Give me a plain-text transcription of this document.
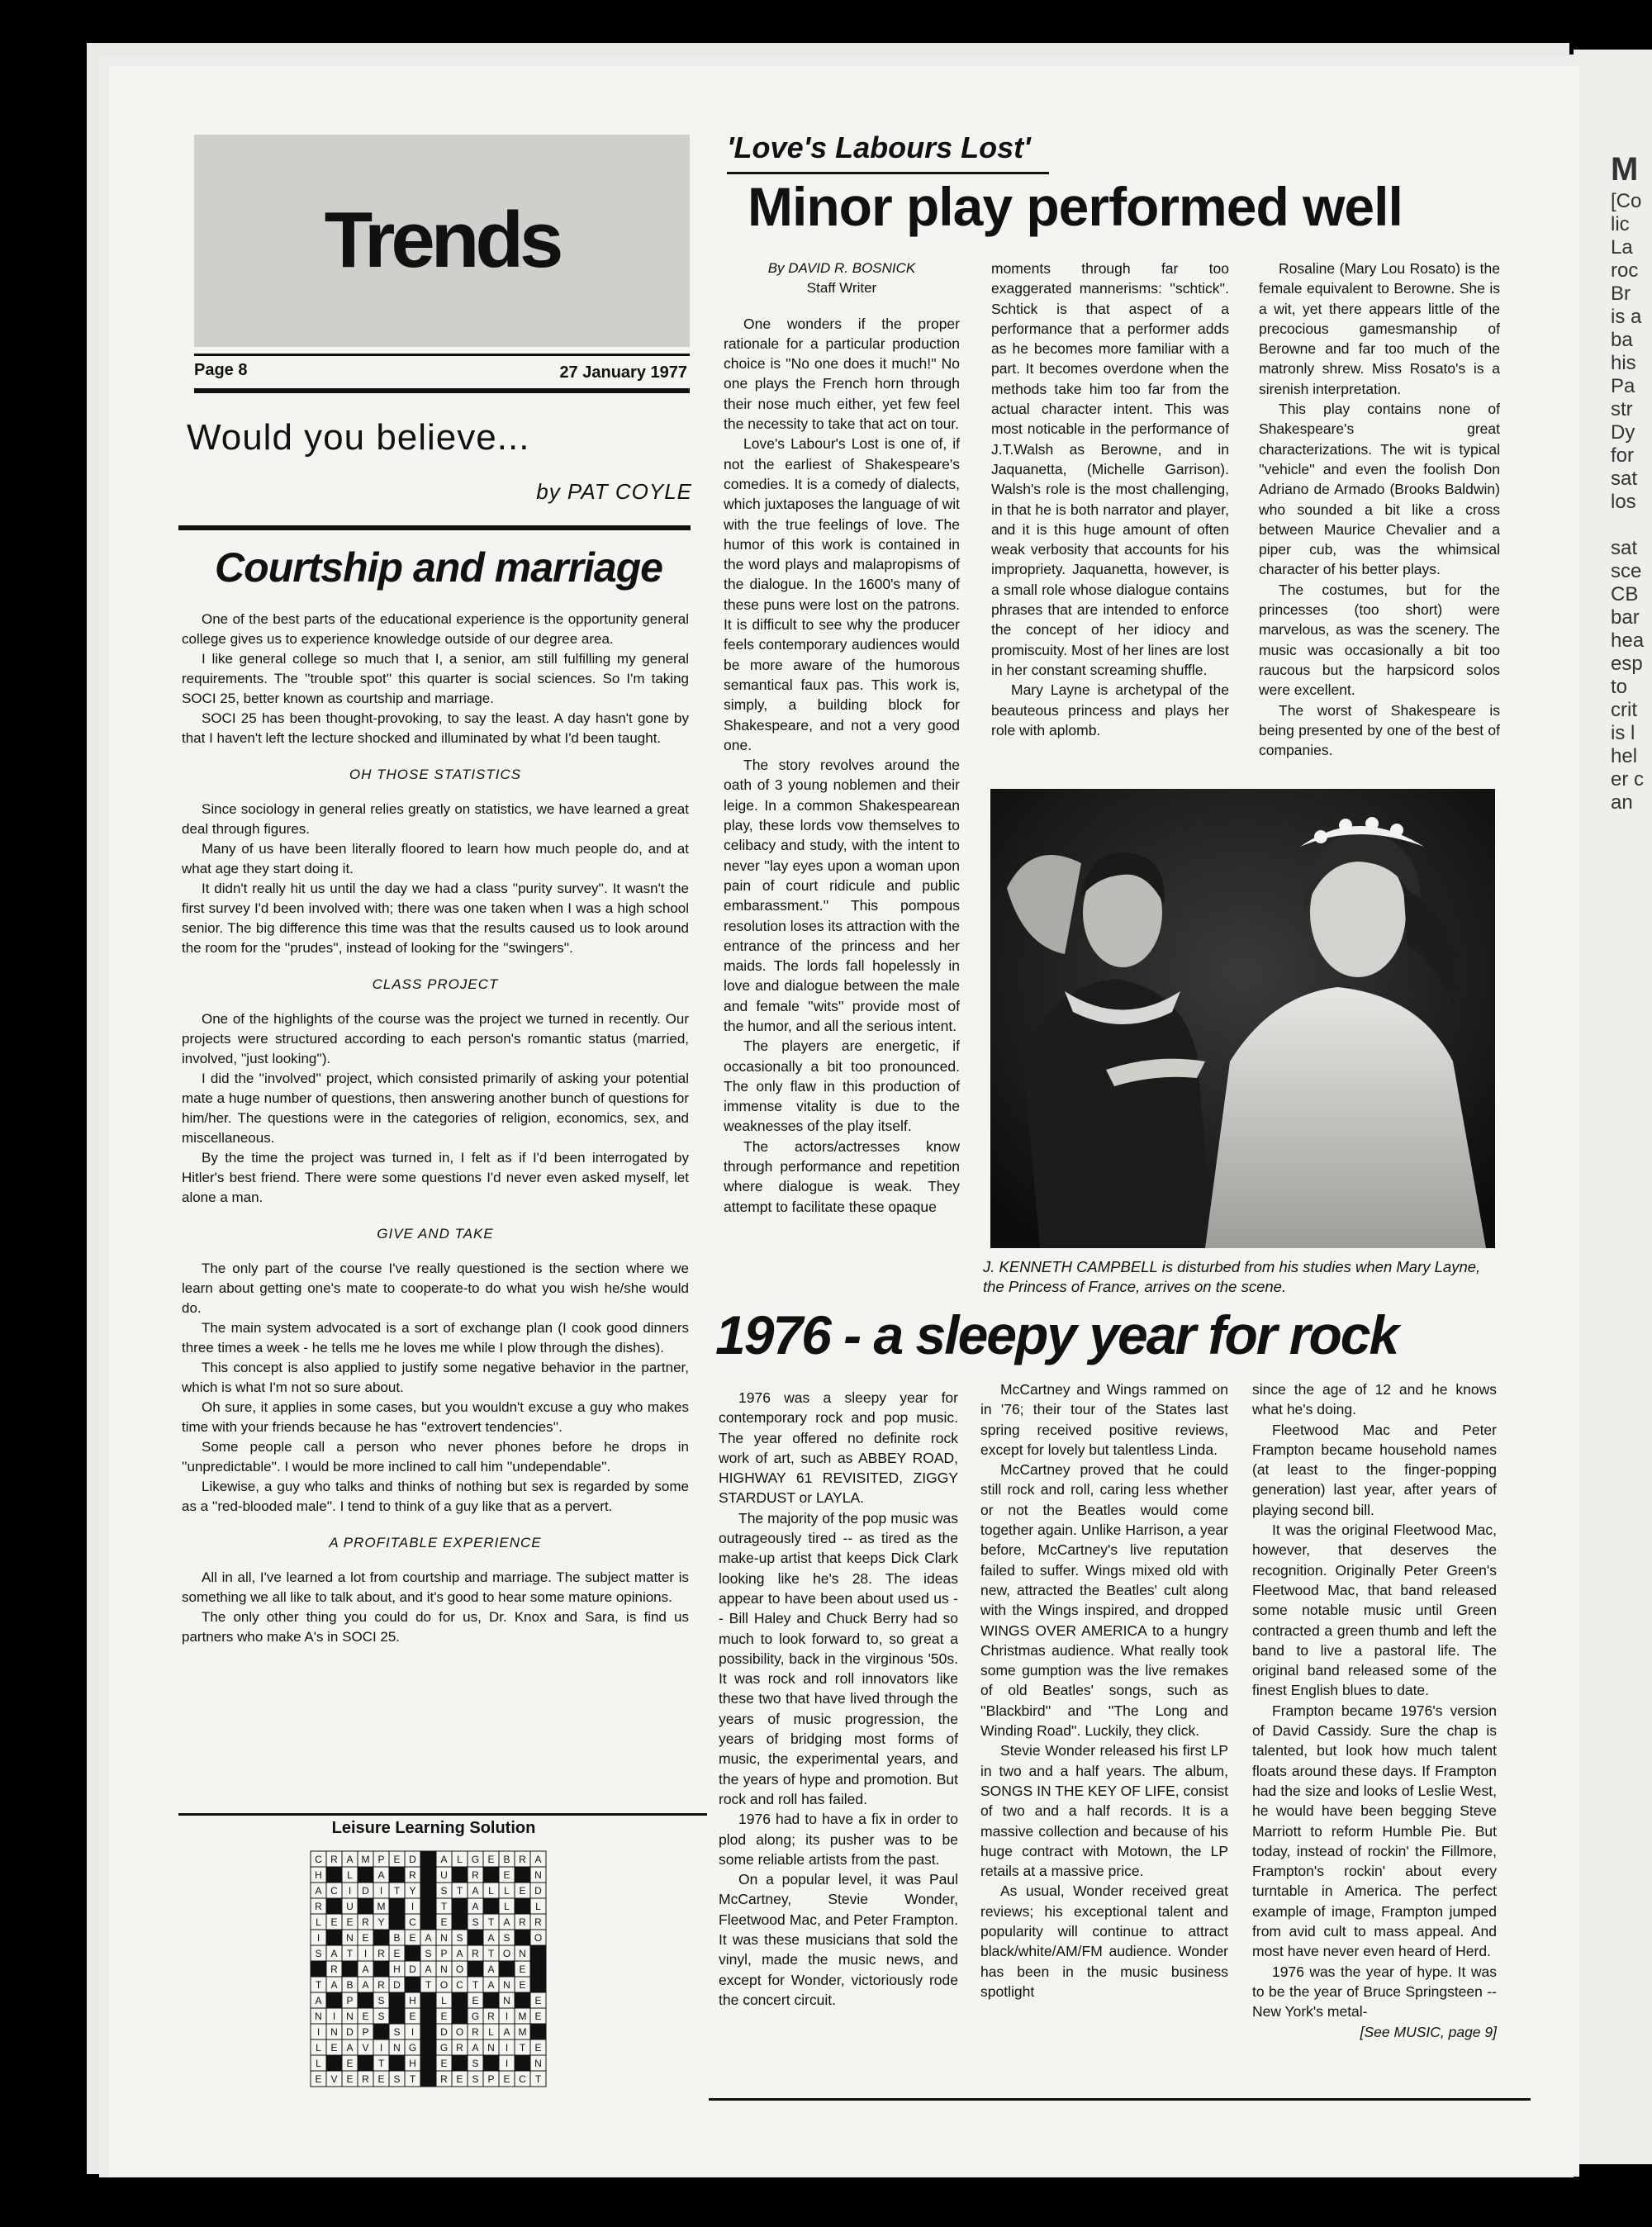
M
[Co
lic
La
roc
Br
is a
ba
his
Pa
str
Dy
for
sat
los
sat
sce
CB
bar
hea
esp
to
crit
is l
hel
er c
an
Trends
Page 8	27 January 1977
Would you believe...
by PAT COYLE
Courtship and marriage

One of the best parts of the educational experience is the opportunity general college gives us to experience knowledge outside of our degree area.

I like general college so much that I, a senior, am still fulfilling my general requirements. The ''trouble spot'' this quarter is social sciences. So I'm taking SOCI 25, better known as courtship and marriage.

SOCI 25 has been thought-provoking, to say the least. A day hasn't gone by that I haven't left the lecture shocked and illuminated by what I'd been taught.

OH THOSE STATISTICS

Since sociology in general relies greatly on statistics, we have learned a great deal through figures.

Many of us have been literally floored to learn how much people do, and at what age they start doing it.

It didn't really hit us until the day we had a class ''purity survey''. It wasn't the first survey I'd been involved with; there was one taken when I was a high school senior. The big difference this time was that the results caused us to look around the room for the ''prudes'', instead of looking for the ''swingers''.

CLASS PROJECT

One of the highlights of the course was the project we turned in recently. Our projects were structured according to each person's romantic status (married, involved, ''just looking'').

I did the ''involved'' project, which consisted primarily of asking your potential mate a huge number of questions, then answering another bunch of questions for him/her. The questions were in the categories of religion, economics, sex, and miscellaneous.

By the time the project was turned in, I felt as if I'd been interrogated by Hitler's best friend. There were some questions I'd never even asked myself, let alone a man.

GIVE AND TAKE

The only part of the course I've really questioned is the section where we learn about getting one's mate to cooperate-to do what you wish he/she would do.

The main system advocated is a sort of exchange plan (I cook good dinners three times a week - he tells me he loves me while I plow through the dishes).

This concept is also applied to justify some negative behavior in the partner, which is what I'm not so sure about.

Oh sure, it applies in some cases, but you wouldn't excuse a guy who makes time with your friends because he has ''extrovert tendencies''.

Some people call a person who never phones before he drops in ''unpredictable''. I would be more inclined to call him ''undependable''.

Likewise, a guy who talks and thinks of nothing but sex is regarded by some as a ''red-blooded male''. I tend to think of a guy like that as a pervert.

A PROFITABLE EXPERIENCE

All in all, I've learned a lot from courtship and marriage. The subject matter is something we all like to talk about, and it's good to hear some mature opinions.

The only other thing you could do for us, Dr. Knox and Sara, is find us partners who make A's in SOCI 25.

Leisure Learning Solution
C R A M P E D A L G E B R A
H	L	A R U R E N
A C I D I T Y S T A L L E D
R U M	I	T	A	L	L
L E E R Y C E S T A R R
I	N E B E A N S A S O
S A T I R E S P A R T O N
R A H D A N O A E
T A B A R D T O C T A N E
A P S H	L	E N E
N I N E S E E G R I M E
I N D P S I	D O R L A M
L E A V I N G G R A N I T E
L	E	T H E S	I	N
E V E R E S T R E S P E C T
'Love's Labours Lost'
Minor play performed well
By DAVID R. BOSNICK
Staff Writer

One wonders if the proper rationale for a particular production choice is ''No one does it much!'' No one plays the French horn through their nose much either, yet few feel the necessity to take that act on tour.

Love's Labour's Lost is one of, if not the earliest of Shakespeare's comedies. It is a comedy of dialects, which juxtaposes the language of wit with the true feelings of love. The humor of this work is contained in the word plays and malapropisms of the dialogue. In the 1600's many of these puns were lost on the patrons. It is difficult to see why the producer feels contemporary audiences would be more aware of the humorous semantical faux pas. This work is, simply, a building block for Shakespeare, and not a very good one.

The story revolves around the oath of 3 young noblemen and their leige. In a common Shakespearean play, these lords vow themselves to celibacy and study, with the intent to never ''lay eyes upon a woman upon pain of court ridicule and public embarassment.'' This pompous resolution loses its attraction with the entrance of the princess and her maids. The lords fall hopelessly in love and dialogue between the male and female ''wits'' provide most of the humor, and all the serious intent.

The players are energetic, if occasionally a bit too pronounced. The only flaw in this production of immense vitality is due to the weaknesses of the play itself.

The actors/actresses know through performance and repetition where dialogue is weak. They attempt to facilitate these opaque

moments through far too exaggerated mannerisms: ''schtick''. Schtick is that aspect of a performance that a performer adds as he becomes more familiar with a part. It becomes overdone when the methods take him too far from the actual character intent. This was most noticable in the performance of J.T.Walsh as Berowne, and in Jaquanetta, (Michelle Garrison). Walsh's role is the most challenging, in that he is both narrator and player, and it is this huge amount of often weak verbosity that accounts for his impropriety. Jaquanetta, however, is a small role whose dialogue contains phrases that are intended to enforce the concept of her idiocy and promiscuity. Most of her lines are lost in her constant screaming shuffle.

Mary Layne is archetypal of the beauteous princess and plays her role with aplomb.

Rosaline (Mary Lou Rosato) is the female equivalent to Berowne. She is a wit, yet there appears little of the precocious gamesmanship of Berowne and far too much of the matronly shrew. Miss Rosato's is a sirenish interpretation.

This play contains none of Shakespeare's great characterizations. The wit is typical ''vehicle'' and even the foolish Don Adriano de Armado (Brooks Baldwin) who sounded a bit like a cross between Maurice Chevalier and a piper cub, was the whimsical character of his better plays.

The costumes, but for the princesses (too short) were marvelous, as was the scenery. The music was occasionally a bit too raucous but the harpsicord solos were excellent.

The worst of Shakespeare is being presented by one of the best of companies.

J. KENNETH CAMPBELL is disturbed from his studies when Mary Layne, the Princess of France, arrives on the scene.
1976 - a sleepy year for rock

1976 was a sleepy year for contemporary rock and pop music. The year offered no definite rock work of art, such as ABBEY ROAD, HIGHWAY 61 REVISITED, ZIGGY STARDUST or LAYLA.

The majority of the pop music was outrageously tired -- as tired as the make-up artist that keeps Dick Clark looking like he's 28. The ideas appear to have been about used us -- Bill Haley and Chuck Berry had so much to look forward to, so great a possibility, back in the virginous '50s. It was rock and roll innovators like these two that have lived through the years of music progression, the years of bridging most forms of music, the experimental years, and the years of hype and promotion. But rock and roll has failed.

1976 had to have a fix in order to plod along; its pusher was to be some reliable artists from the past.

On a popular level, it was Paul McCartney, Stevie Wonder, Fleetwood Mac, and Peter Frampton. It was these musicians that sold the vinyl, made the music news, and except for Wonder, victoriously rode the concert circuit.

McCartney and Wings rammed on in '76; their tour of the States last spring received positive reviews, except for lovely but talentless Linda.

McCartney proved that he could still rock and roll, caring less whether or not the Beatles would come together again. Unlike Harrison, a year before, McCartney's live reputation failed to suffer. Wings mixed old with new, attracted the Beatles' cult along with the Wings inspired, and dropped WINGS OVER AMERICA to a hungry Christmas audience. What really took some gumption was the live remakes of old Beatles' songs, such as ''Blackbird'' and ''The Long and Winding Road''. Luckily, they click.

Stevie Wonder released his first LP in two and a half years. The album, SONGS IN THE KEY OF LIFE, consist of two and a half records. It is a massive collection and because of his huge contract with Motown, the LP retails at a massive price.

As usual, Wonder received great reviews; his exceptional talent and popularity will continue to attract black/white/AM/FM audience. Wonder has been in the music business spotlight

since the age of 12 and he knows what he's doing.

Fleetwood Mac and Peter Frampton became household names (at least to the finger-popping generation) last year, after years of playing second bill.

It was the original Fleetwood Mac, however, that deserves the recognition. Originally Peter Green's Fleetwood Mac, that band released some notable music until Green contracted a green thumb and left the band to live a pastoral life. The original band released some of the finest English blues to date.

Frampton became 1976's version of David Cassidy. Sure the chap is talented, but look how much talent floats around these days. If Frampton had the size and looks of Leslie West, he would have been begging Steve Marriott to reform Humble Pie. But today, instead of rockin' the Fillmore, Frampton's rockin' about every turntable in America. The perfect example of image, Frampton jumped from avid cult to mass appeal. And most have never even heard of Herd.

1976 was the year of hype. It was to be the year of Bruce Springsteen -- New York's metal-

[See MUSIC, page 9]
